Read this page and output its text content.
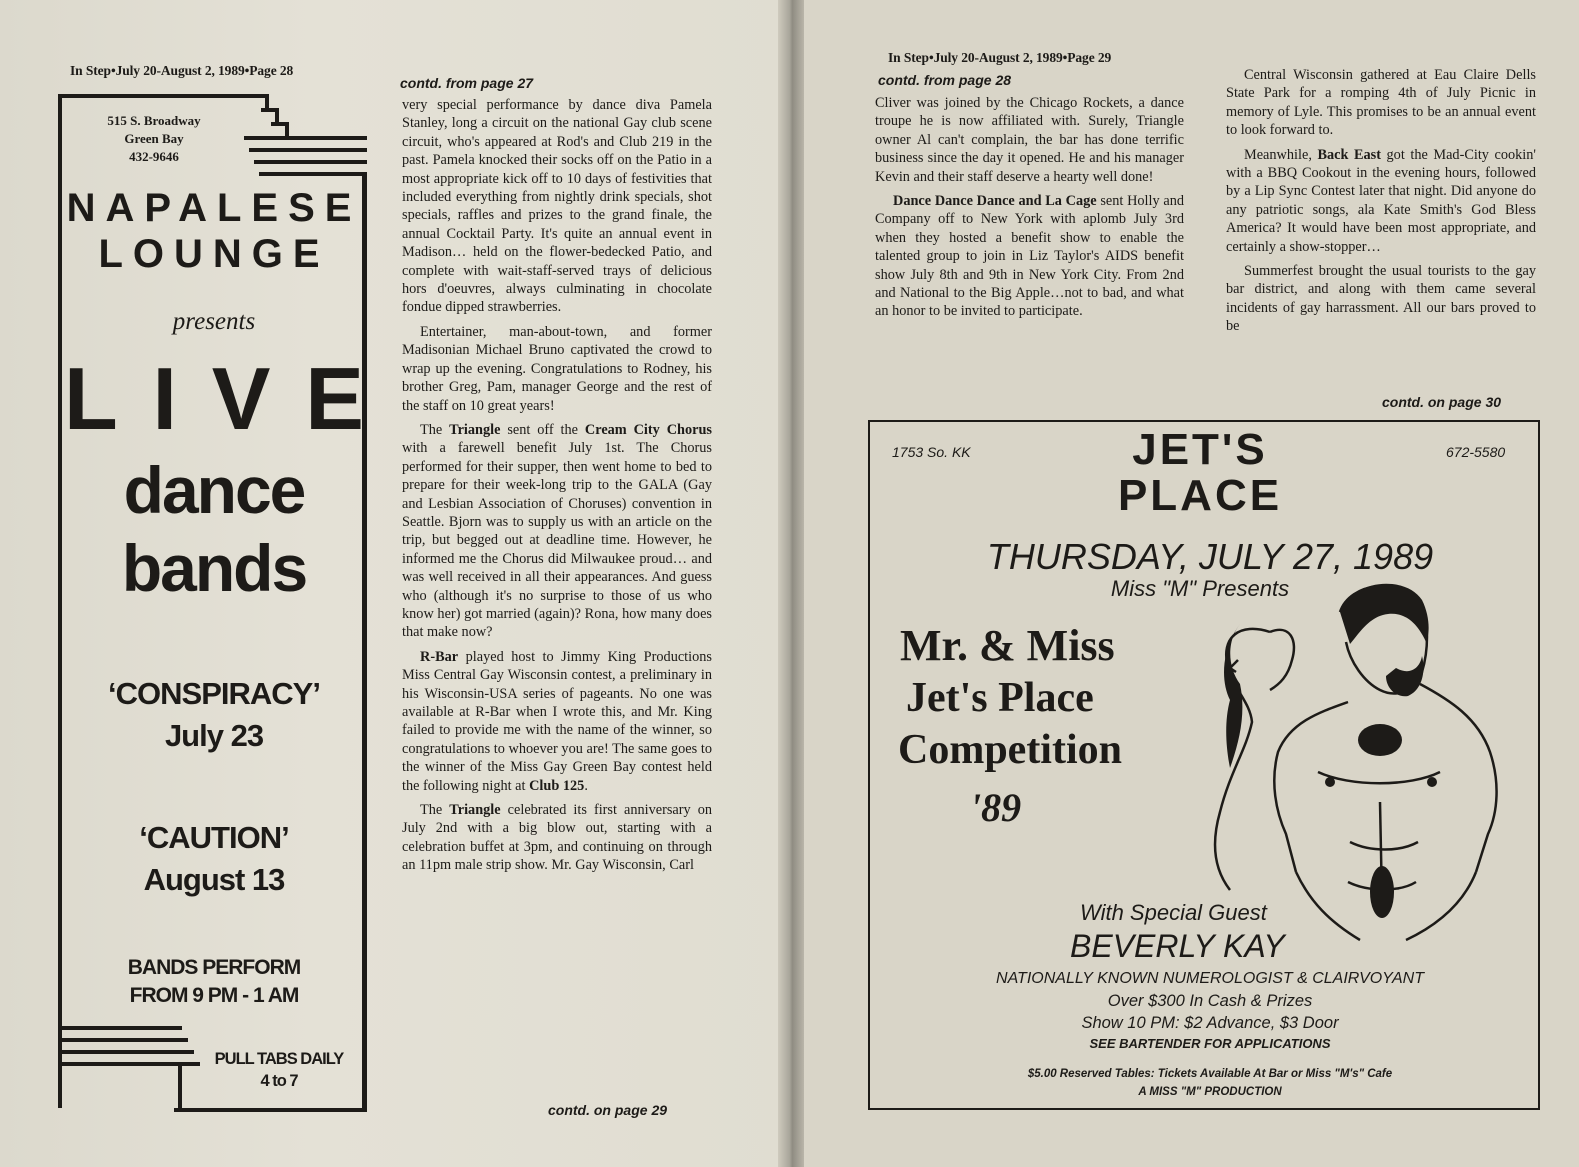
In Step•July 20-August 2, 1989•Page 28
515 S. Broadway
Green Bay
432-9646
NAPALESE
LOUNGE
presents
L I V E
dance
bands
‘CONSPIRACY’
July 23
‘CAUTION’
August 13
BANDS PERFORM
FROM 9 PM - 1 AM
PULL TABS DAILY
4 to 7
contd. from page 27

very special performance by dance diva Pamela Stanley, long a circuit on the national Gay club scene circuit, who's appeared at Rod's and Club 219 in the past. Pamela knocked their socks off on the Patio in a most appropriate kick off to 10 days of festivities that included everything from nightly drink specials, shot specials, raffles and prizes to the grand finale, the annual Cocktail Party. It's quite an annual event in Madison… held on the flower-bedecked Patio, and complete with wait-staff-served trays of delicious hors d'oeuvres, always culminating in chocolate fondue dipped strawberries.

Entertainer, man-about-town, and former Madisonian Michael Bruno captivated the crowd to wrap up the evening. Congratulations to Rodney, his brother Greg, Pam, manager George and the rest of the staff on 10 great years!

The Triangle sent off the Cream City Chorus with a farewell benefit July 1st. The Chorus performed for their supper, then went home to bed to prepare for their week-long trip to the GALA (Gay and Lesbian Association of Choruses) convention in Seattle. Bjorn was to supply us with an article on the trip, but begged out at deadline time. However, he informed me the Chorus did Milwaukee proud… and was well received in all their appearances. And guess who (although it's no surprise to those of us who know her) got married (again)? Rona, how many does that make now?

R-Bar played host to Jimmy King Productions Miss Central Gay Wisconsin contest, a preliminary in his Wisconsin-USA series of pageants. No one was available at R-Bar when I wrote this, and Mr. King failed to provide me with the name of the winner, so congratulations to whoever you are! The same goes to the winner of the Miss Gay Green Bay contest held the following night at Club 125.

The Triangle celebrated its first anniversary on July 2nd with a big blow out, starting with a celebration buffet at 3pm, and continuing on through an 11pm male strip show. Mr. Gay Wisconsin, Carl

contd. on page 29
In Step•July 20-August 2, 1989•Page 29
contd. from page 28

Cliver was joined by the Chicago Rockets, a dance troupe he is now affiliated with. Surely, Triangle owner Al can't complain, the bar has done terrific business since the day it opened. He and his manager Kevin and their staff deserve a hearty well done!

Dance Dance Dance and La Cage sent Holly and Company off to New York with aplomb July 3rd when they hosted a benefit show to enable the talented group to join in Liz Taylor's AIDS benefit show July 8th and 9th in New York City. From 2nd and National to the Big Apple…not to bad, and what an honor to be invited to participate.

Central Wisconsin gathered at Eau Claire Dells State Park for a romping 4th of July Picnic in memory of Lyle. This promises to be an annual event to look forward to.

Meanwhile, Back East got the Mad-City cookin' with a BBQ Cookout in the evening hours, followed by a Lip Sync Contest later that night. Did anyone do any patriotic songs, ala Kate Smith's God Bless America? It would have been most appropriate, and certainly a show-stopper…

Summerfest brought the usual tourists to the gay bar district, and along with them came several incidents of gay harrassment. All our bars proved to be

contd. on page 30
1753 So. KK	672-5580
JET'S
PLACE
THURSDAY, JULY 27, 1989
Miss "M" Presents
Mr. & Miss
Jet's Place
Competition
'89
With Special Guest
BEVERLY KAY
NATIONALLY KNOWN NUMEROLOGIST & CLAIRVOYANT
Over $300 In Cash & Prizes
Show 10 PM: $2 Advance, $3 Door
SEE BARTENDER FOR APPLICATIONS
$5.00 Reserved Tables: Tickets Available At Bar or Miss "M's" Cafe
A MISS "M" PRODUCTION
